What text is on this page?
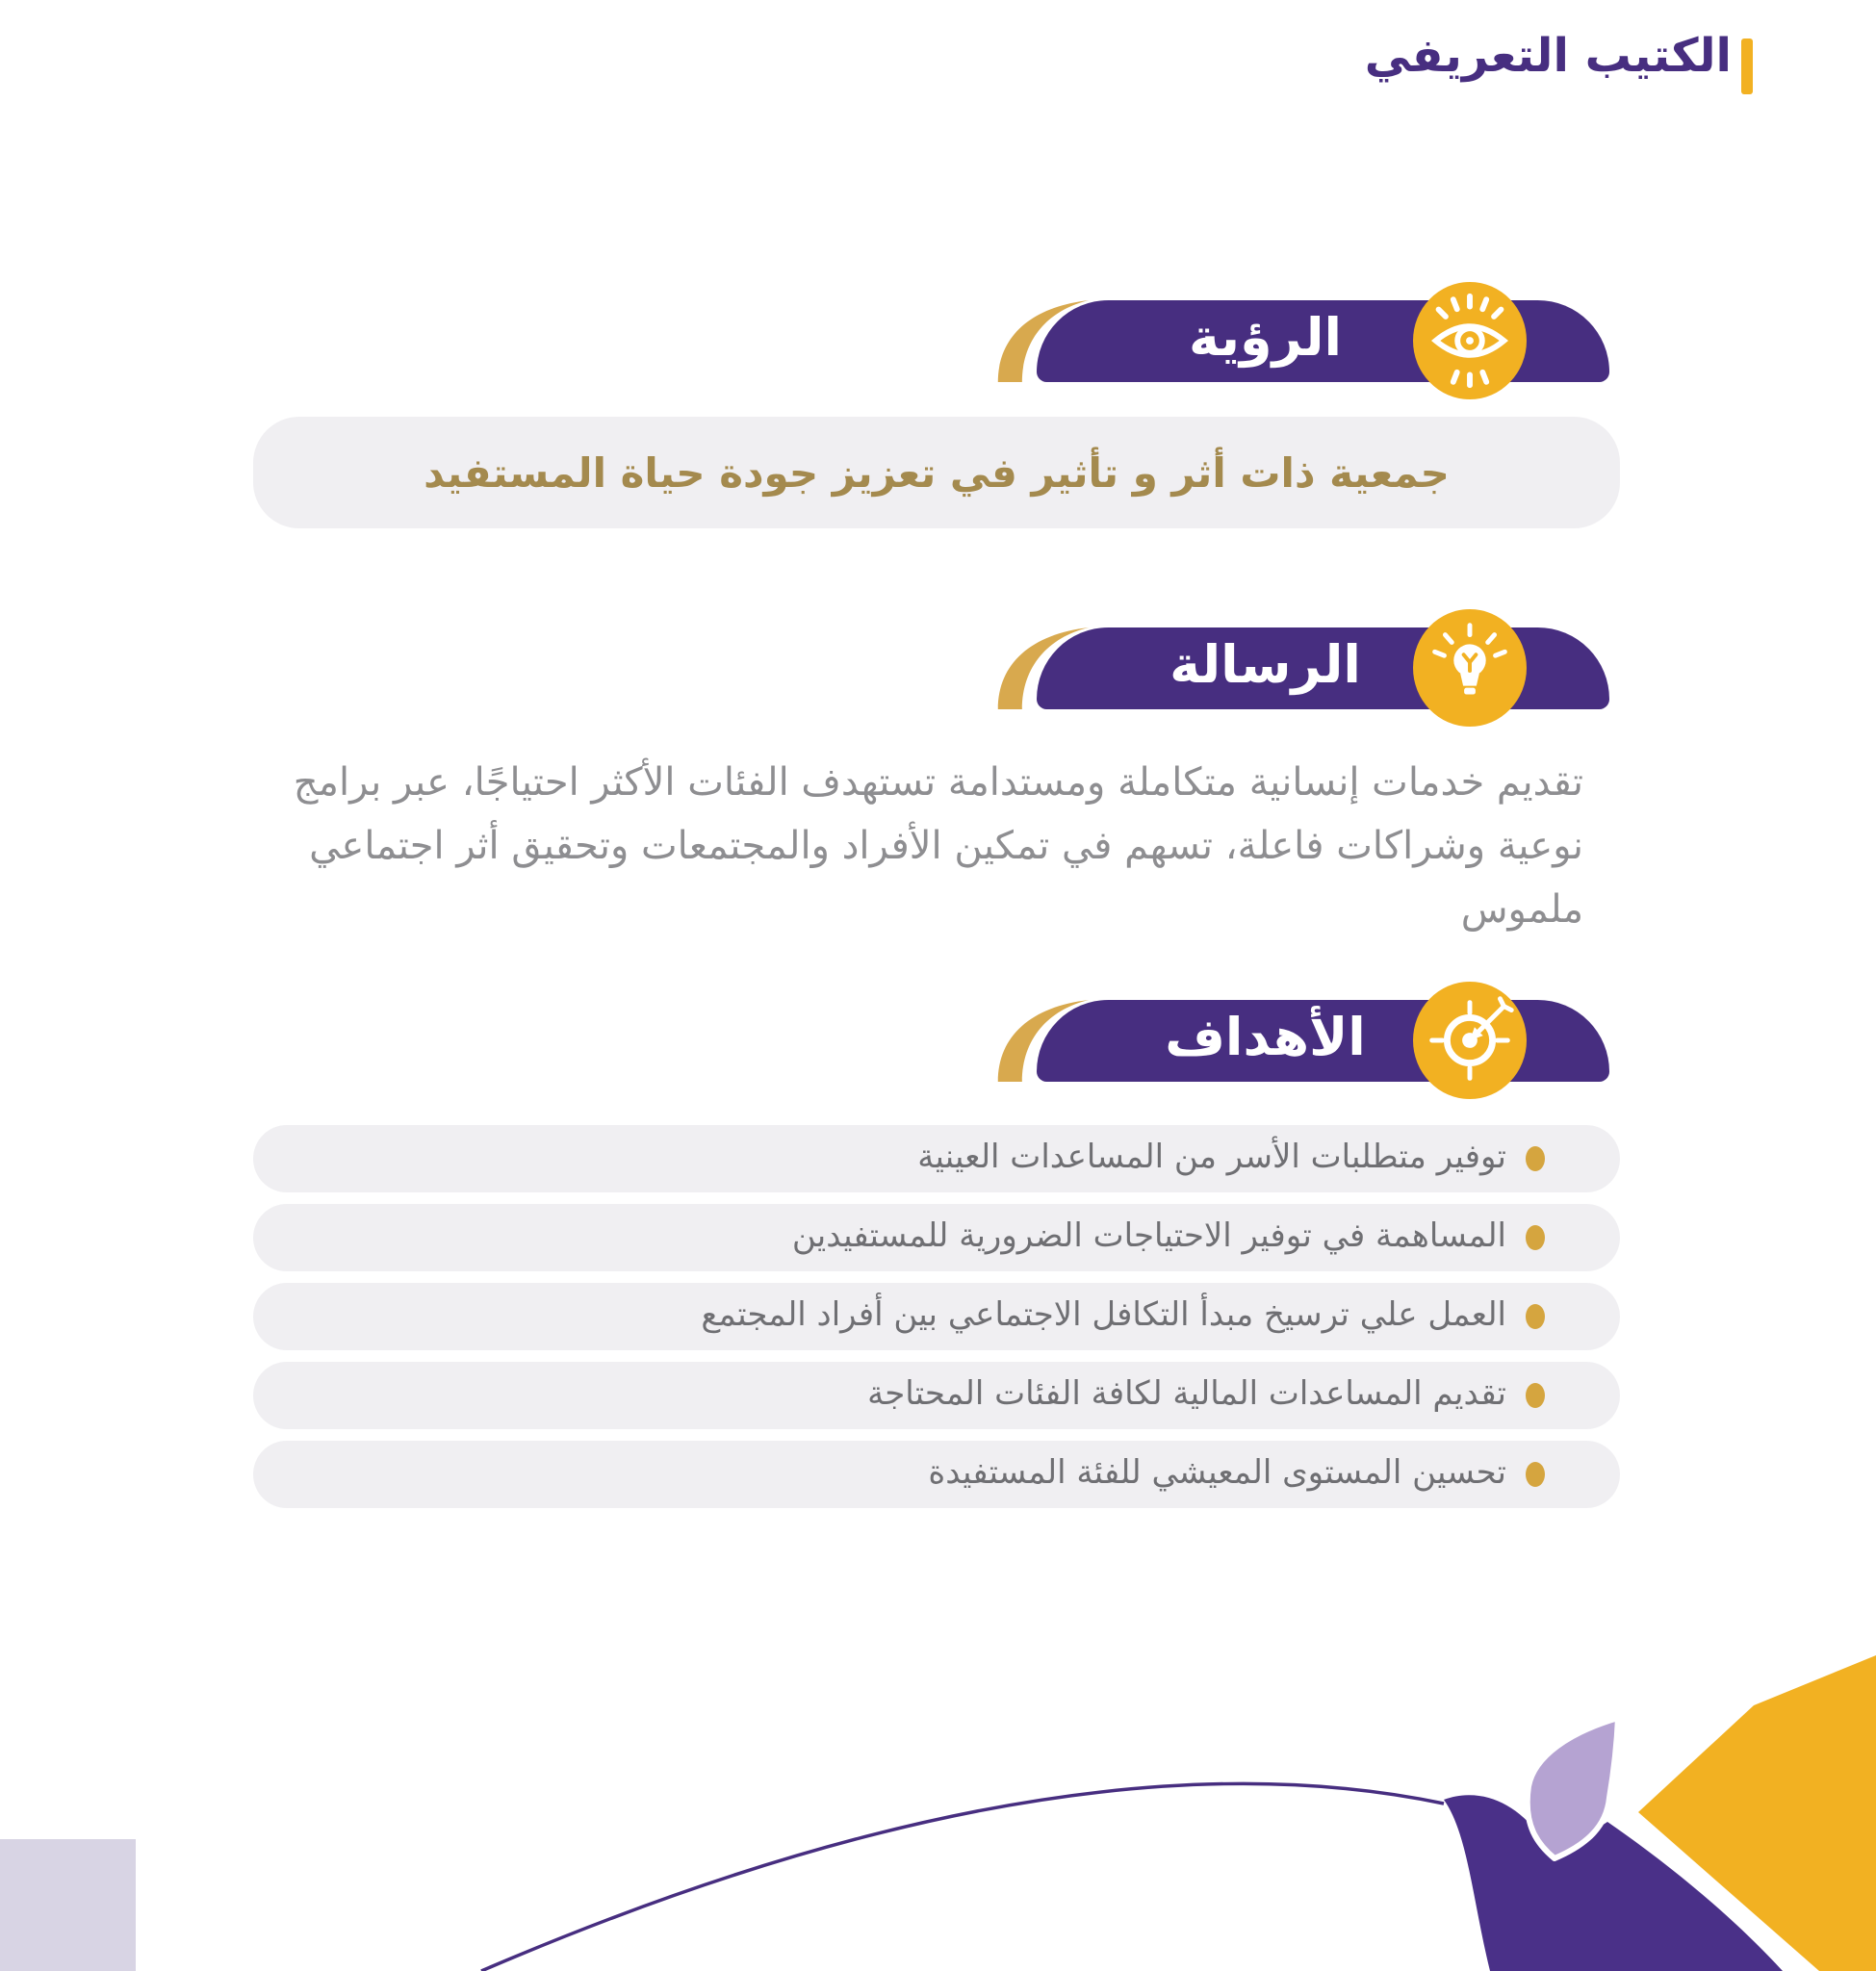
الكتيب التعريفي
الرؤية
جمعية ذات أثر و تأثير في تعزيز جودة حياة المستفيد
الرسالة
تقديم خدمات إنسانية متكاملة ومستدامة تستهدف الفئات الأكثر احتياجًا، عبر برامج
نوعية وشراكات فاعلة، تسهم في تمكين الأفراد والمجتمعات وتحقيق أثر اجتماعي
ملموس
الأهداف
توفير متطلبات الأسر من المساعدات العينية
المساهمة في توفير الاحتياجات الضرورية للمستفيدين
العمل علي ترسيخ مبدأ التكافل الاجتماعي بين أفراد المجتمع
تقديم المساعدات المالية لكافة الفئات المحتاجة
تحسين المستوى المعيشي للفئة المستفيدة
